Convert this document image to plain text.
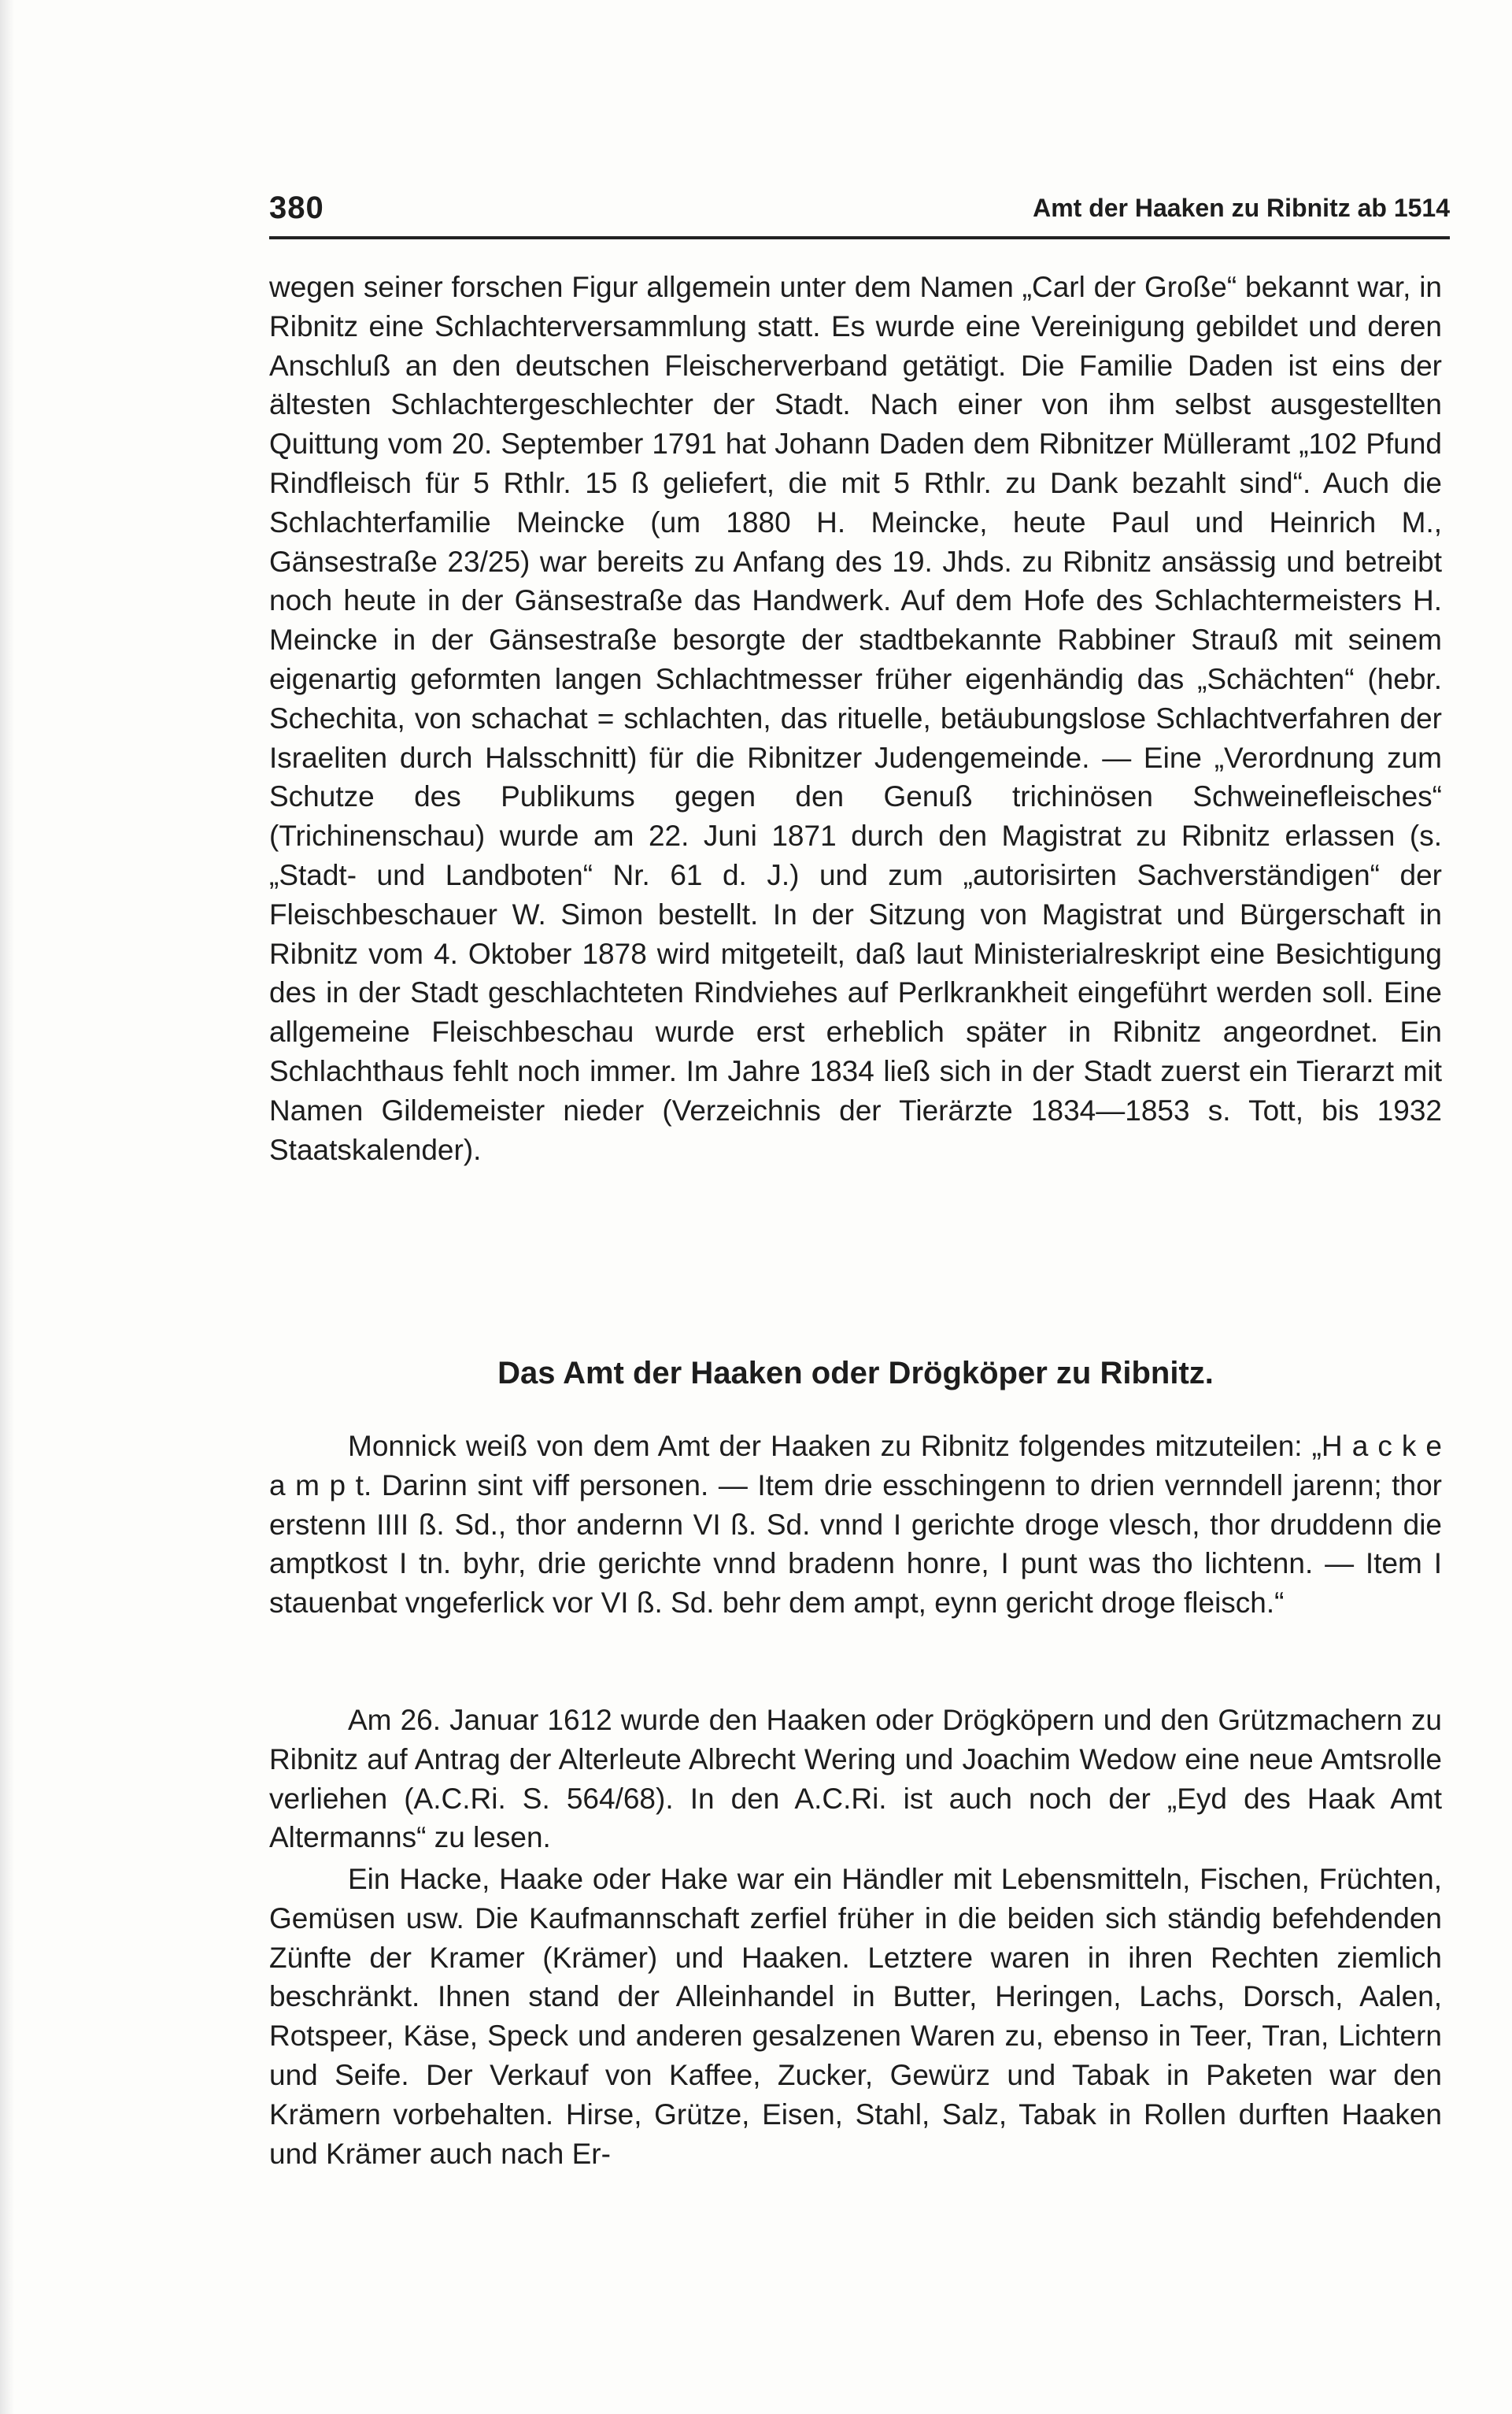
380	Amt der Haaken zu Ribnitz ab 1514
wegen seiner forschen Figur allgemein unter dem Namen „Carl der Große“ bekannt war, in Ribnitz eine Schlachterversammlung statt. Es wurde eine Vereinigung gebildet und deren Anschluß an den deutschen Fleischerverband getätigt. Die Familie Daden ist eins der ältesten Schlachtergeschlechter der Stadt. Nach einer von ihm selbst ausgestellten Quittung vom 20. September 1791 hat Johann Daden dem Ribnitzer Mülleramt „102 Pfund Rindfleisch für 5 Rthlr. 15 ß geliefert, die mit 5 Rthlr. zu Dank bezahlt sind“. Auch die Schlachterfamilie Meincke (um 1880 H. Meincke, heute Paul und Heinrich M., Gänsestraße 23/25) war bereits zu Anfang des 19. Jhds. zu Ribnitz ansässig und betreibt noch heute in der Gänsestraße das Handwerk. Auf dem Hofe des Schlachtermeisters H. Meincke in der Gänsestraße besorgte der stadtbekannte Rabbiner Strauß mit seinem eigenartig geformten langen Schlachtmesser früher eigenhändig das „Schächten“ (hebr. Schechita, von schachat = schlachten, das rituelle, betäubungslose Schlachtverfahren der Israeliten durch Halsschnitt) für die Ribnitzer Judengemeinde. — Eine „Verordnung zum Schutze des Publikums gegen den Genuß trichinösen Schweinefleisches“ (Trichinenschau) wurde am 22. Juni 1871 durch den Magistrat zu Ribnitz erlassen (s. „Stadt- und Landboten“ Nr. 61 d. J.) und zum „autorisirten Sachverständigen“ der Fleischbeschauer W. Simon bestellt. In der Sitzung von Magistrat und Bürgerschaft in Ribnitz vom 4. Oktober 1878 wird mitgeteilt, daß laut Ministerialreskript eine Besichtigung des in der Stadt geschlachteten Rindviehes auf Perlkrankheit eingeführt werden soll. Eine allgemeine Fleischbeschau wurde erst erheblich später in Ribnitz angeordnet. Ein Schlachthaus fehlt noch immer. Im Jahre 1834 ließ sich in der Stadt zuerst ein Tierarzt mit Namen Gildemeister nieder (Verzeichnis der Tierärzte 1834—1853 s. Tott, bis 1932 Staatskalender).
Das Amt der Haaken oder Drögköper zu Ribnitz.
Monnick weiß von dem Amt der Haaken zu Ribnitz folgendes mitzuteilen: „H a c k e a m p t. Darinn sint viff personen. — Item drie esschingenn to drien vernndell jarenn; thor erstenn IIII ß. Sd., thor andernn VI ß. Sd. vnnd I gerichte droge vlesch, thor druddenn die amptkost I tn. byhr, drie gerichte vnnd bradenn honre, I punt was tho lichtenn. — Item I stauenbat vngeferlick vor VI ß. Sd. behr dem ampt, eynn gericht droge fleisch.“
Am 26. Januar 1612 wurde den Haaken oder Drögköpern und den Grützmachern zu Ribnitz auf Antrag der Alterleute Albrecht Wering und Joachim Wedow eine neue Amtsrolle verliehen (A.C.Ri. S. 564/68). In den A.C.Ri. ist auch noch der „Eyd des Haak Amt Altermanns“ zu lesen.
Ein Hacke, Haake oder Hake war ein Händler mit Lebensmitteln, Fischen, Früchten, Gemüsen usw. Die Kaufmannschaft zerfiel früher in die beiden sich ständig befehdenden Zünfte der Kramer (Krämer) und Haaken. Letztere waren in ihren Rechten ziemlich beschränkt. Ihnen stand der Alleinhandel in Butter, Heringen, Lachs, Dorsch, Aalen, Rotspeer, Käse, Speck und anderen gesalzenen Waren zu, ebenso in Teer, Tran, Lichtern und Seife. Der Verkauf von Kaffee, Zucker, Gewürz und Tabak in Paketen war den Krämern vorbehalten. Hirse, Grütze, Eisen, Stahl, Salz, Tabak in Rollen durften Haaken und Krämer auch nach Er-
